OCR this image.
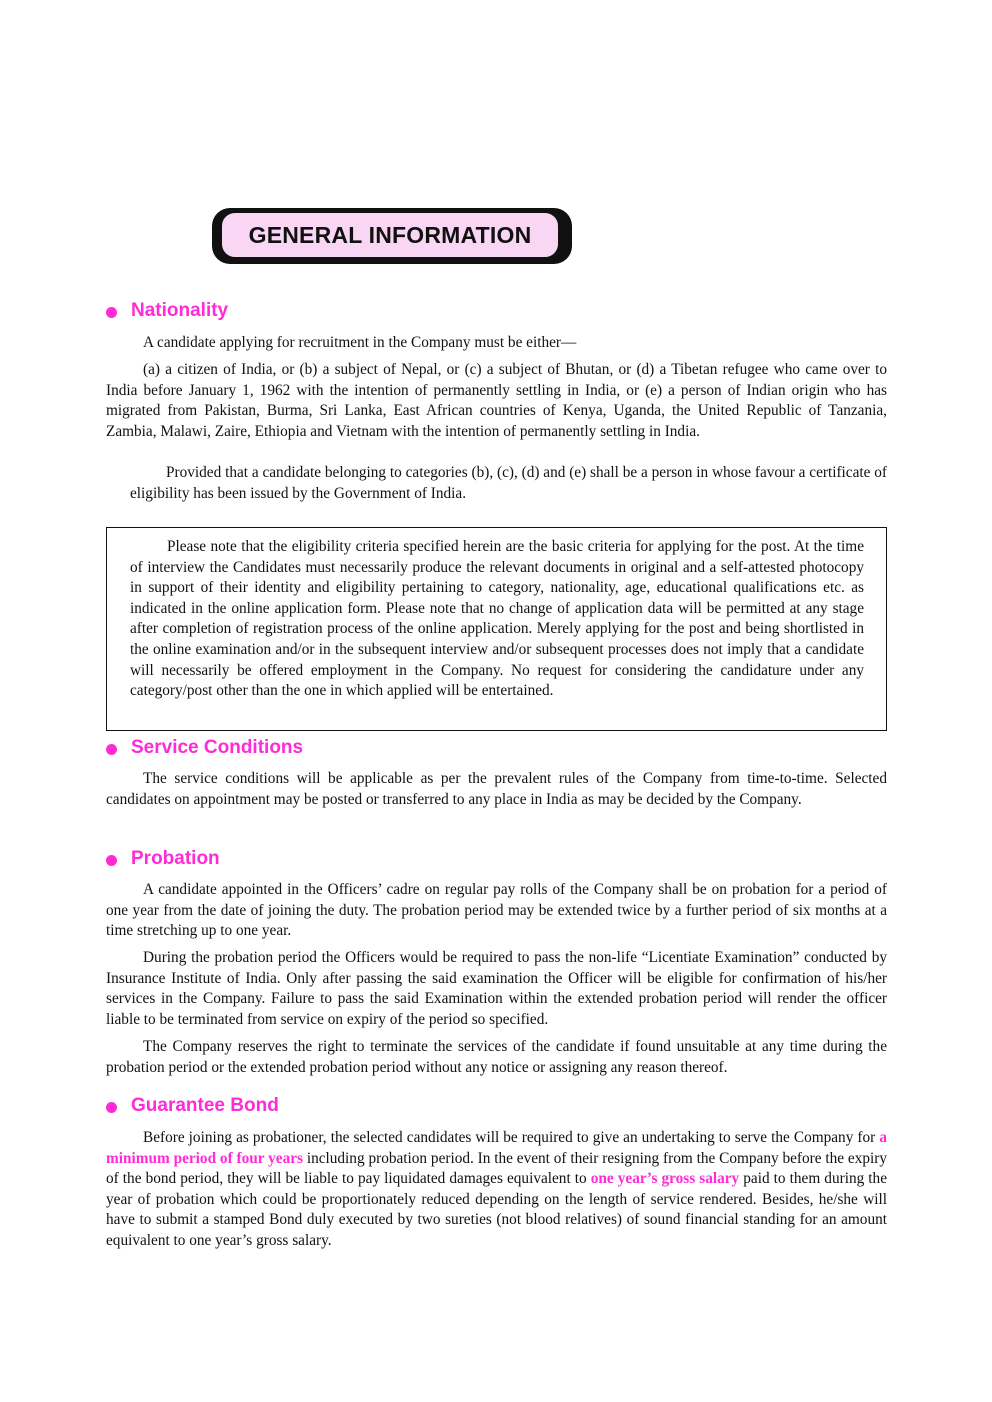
GENERAL INFORMATION
Nationality

A candidate applying for recruitment in the Company must be either—

(a) a citizen of India, or (b) a subject of Nepal, or (c) a subject of Bhutan, or (d) a Tibetan refugee who came over to India before January 1, 1962 with the intention of permanently settling in India, or (e) a person of Indian origin who has migrated from Pakistan, Burma, Sri Lanka, East African countries of Kenya, Uganda, the United Republic of Tanzania, Zambia, Malawi, Zaire, Ethiopia and Vietnam with the intention of permanently settling in India.

Provided that a candidate belonging to categories (b), (c), (d) and (e) shall be a person in whose favour a certificate of eligibility has been issued by the Government of India.

Please note that the eligibility criteria specified herein are the basic criteria for applying for the post. At the time of interview the Candidates must necessarily produce the relevant documents in original and a self-attested photocopy in support of their identity and eligibility pertaining to category, nationality, age, educational qualifications etc. as indicated in the online application form. Please note that no change of application data will be permitted at any stage after completion of registration process of the online application. Merely applying for the post and being shortlisted in the online examination and/or in the subsequent interview and/or subsequent processes does not imply that a candidate will necessarily be offered employment in the Company. No request for considering the candidature under any category/post other than the one in which applied will be entertained.

Service Conditions

The service conditions will be applicable as per the prevalent rules of the Company from time-to-time. Selected candidates on appointment may be posted or transferred to any place in India as may be decided by the Company.

Probation

A candidate appointed in the Officers’ cadre on regular pay rolls of the Company shall be on probation for a period of one year from the date of joining the duty. The probation period may be extended twice by a further period of six months at a time stretching up to one year.

During the probation period the Officers would be required to pass the non-life “Licentiate Examination” conducted by Insurance Institute of India. Only after passing the said examination the Officer will be eligible for confirmation of his/her services in the Company. Failure to pass the said Examination within the extended probation period will render the officer liable to be terminated from service on expiry of the period so specified.

The Company reserves the right to terminate the services of the candidate if found unsuitable at any time during the probation period or the extended probation period without any notice or assigning any reason thereof.

Guarantee Bond

Before joining as probationer, the selected candidates will be required to give an undertaking to serve the Company for a minimum period of four years including probation period. In the event of their resigning from the Company before the expiry of the bond period, they will be liable to pay liquidated damages equivalent to one year’s gross salary paid to them during the year of probation which could be proportionately reduced depending on the length of service rendered. Besides, he/she will have to submit a stamped Bond duly executed by two sureties (not blood relatives) of sound financial standing for an amount equivalent to one year’s gross salary.
